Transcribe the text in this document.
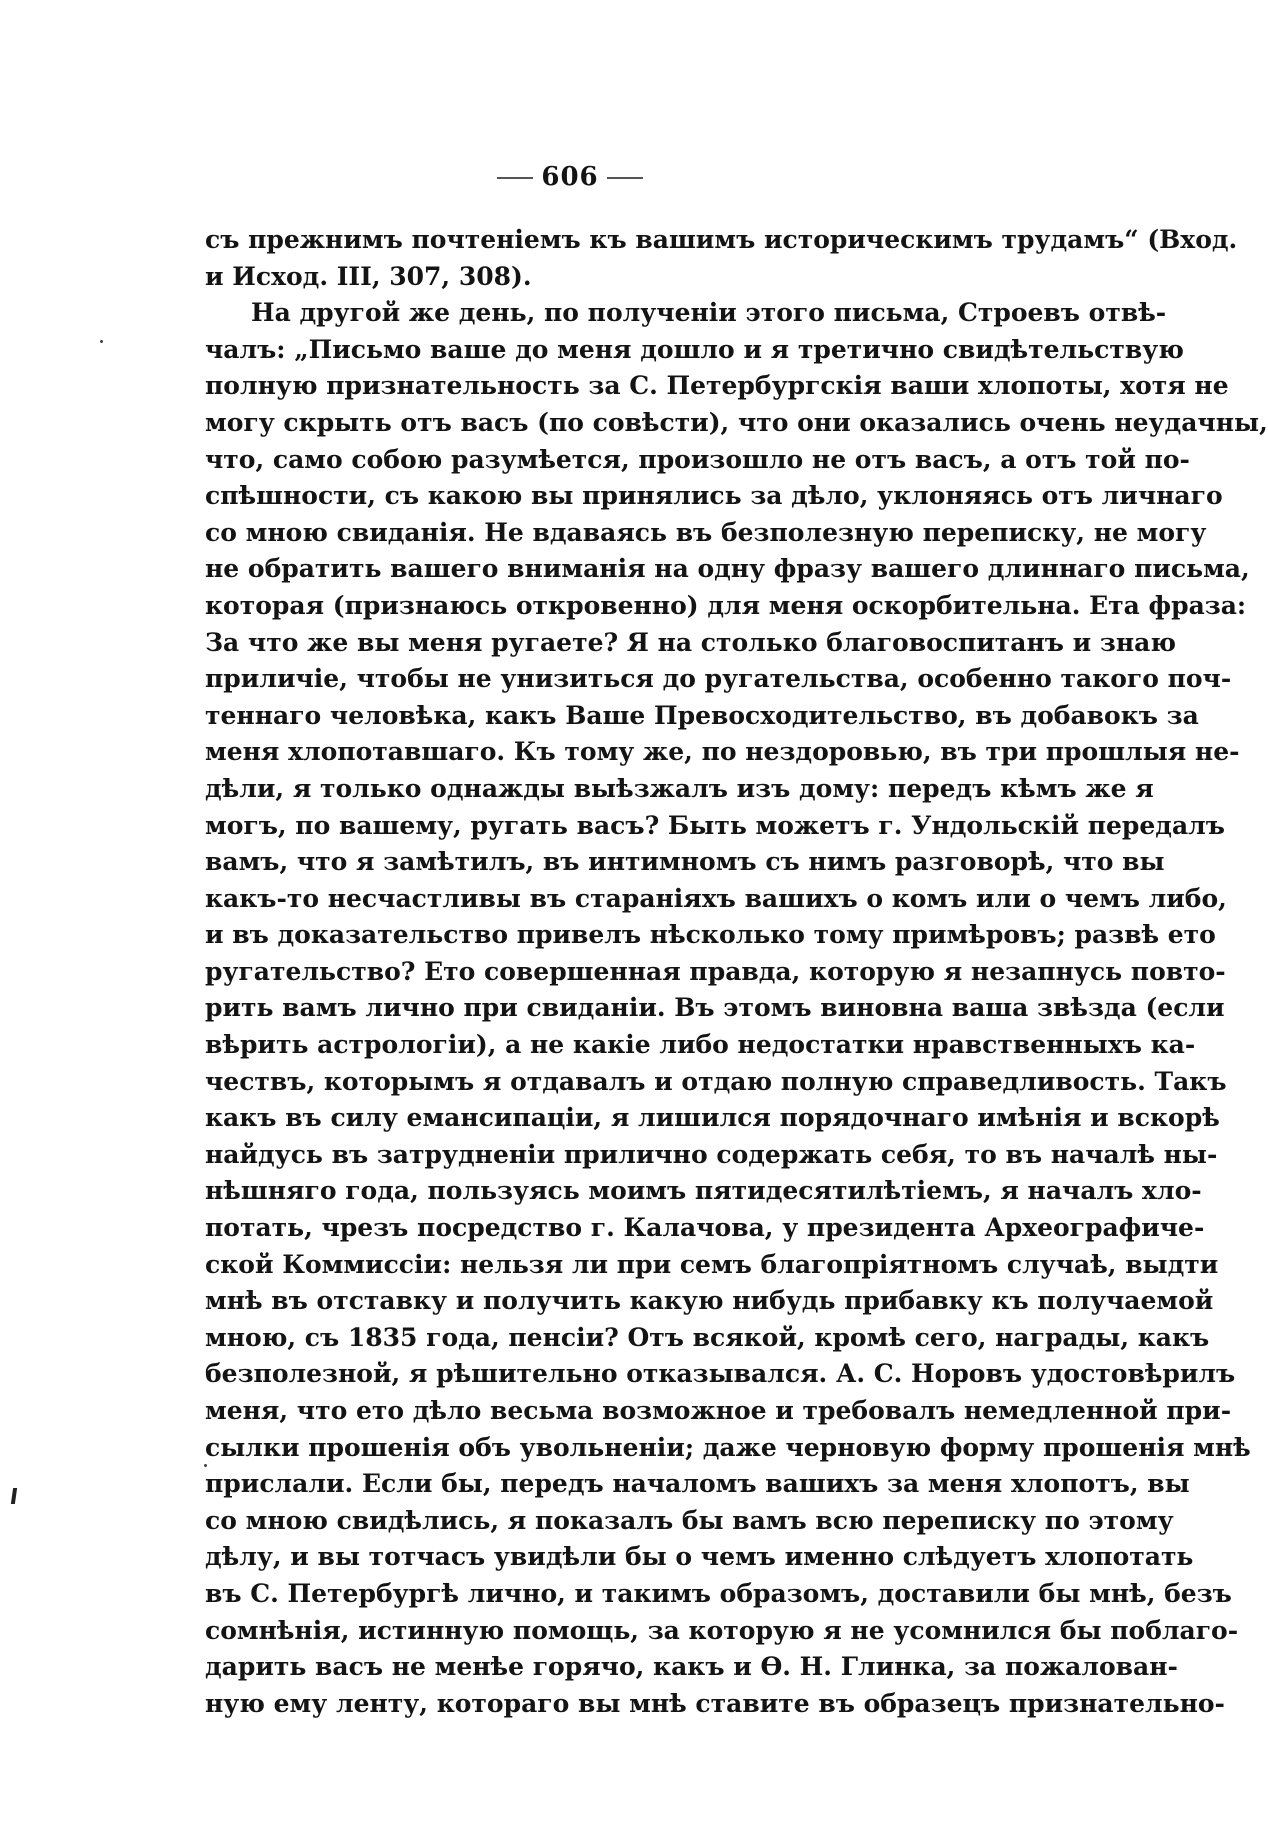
606
съ прежнимъ почтеніемъ къ вашимъ историческимъ трудамъ“ (Вход.
и Исход. III, 307, 308).
На другой же день, по полученіи этого письма, Строевъ отвѣ-
чалъ: „Письмо ваше до меня дошло и я третично свидѣтельствую
полную признательность за С. Петербургскія ваши хлопоты, хотя не
могу скрыть отъ васъ (по совѣсти), что они оказались очень неудачны,
что, само собою разумѣется, произошло не отъ васъ, а отъ той по-
спѣшности, съ какою вы принялись за дѣло, уклоняясь отъ личнаго
со мною свиданія. Не вдаваясь въ безполезную переписку, не могу
не обратить вашего вниманія на одну фразу вашего длиннаго письма,
которая (признаюсь откровенно) для меня оскорбительна. Ета фраза:
За что же вы меня ругаете? Я на столько благовоспитанъ и знаю
приличіе, чтобы не унизиться до ругательства, особенно такого поч-
теннаго человѣка, какъ Ваше Превосходительство, въ добавокъ за
меня хлопотавшаго. Къ тому же, по нездоровью, въ три прошлыя не-
дѣли, я только однажды выѣзжалъ изъ дому: передъ кѣмъ же я
могъ, по вашему, ругать васъ? Быть можетъ г. Ундольскій передалъ
вамъ, что я замѣтилъ, въ интимномъ съ нимъ разговорѣ, что вы
какъ-то несчастливы въ стараніяхъ вашихъ о комъ или о чемъ либо,
и въ доказательство привелъ нѣсколько тому примѣровъ; развѣ ето
ругательство? Ето совершенная правда, которую я незапнусь повто-
рить вамъ лично при свиданіи. Въ этомъ виновна ваша звѣзда (если
вѣрить астрологіи), а не какіе либо недостатки нравственныхъ ка-
чествъ, которымъ я отдавалъ и отдаю полную справедливость. Такъ
какъ въ силу емансипаціи, я лишился порядочнаго имѣнія и вскорѣ
найдусь въ затрудненіи прилично содержать себя, то въ началѣ ны-
нѣшняго года, пользуясь моимъ пятидесятилѣтіемъ, я началъ хло-
потать, чрезъ посредство г. Калачова, у президента Археографиче-
ской Коммиссіи: нельзя ли при семъ благопріятномъ случаѣ, выдти
мнѣ въ отставку и получить какую нибудь прибавку къ получаемой
мною, съ 1835 года, пенсіи? Отъ всякой, кромѣ сего, награды, какъ
безполезной, я рѣшительно отказывался. А. С. Норовъ удостовѣрилъ
меня, что ето дѣло весьма возможное и требовалъ немедленной при-
сылки прошенія объ увольненіи; даже черновую форму прошенія мнѣ
прислали. Если бы, передъ началомъ вашихъ за меня хлопотъ, вы
со мною свидѣлись, я показалъ бы вамъ всю переписку по этому
дѣлу, и вы тотчасъ увидѣли бы о чемъ именно слѣдуетъ хлопотать
въ С. Петербургѣ лично, и такимъ образомъ, доставили бы мнѣ, безъ
сомнѣнія, истинную помощь, за которую я не усомнился бы поблаго-
дарить васъ не менѣе горячо, какъ и Ѳ. Н. Глинка, за пожалован-
ную ему ленту, котораго вы мнѣ ставите въ образецъ признательно-
